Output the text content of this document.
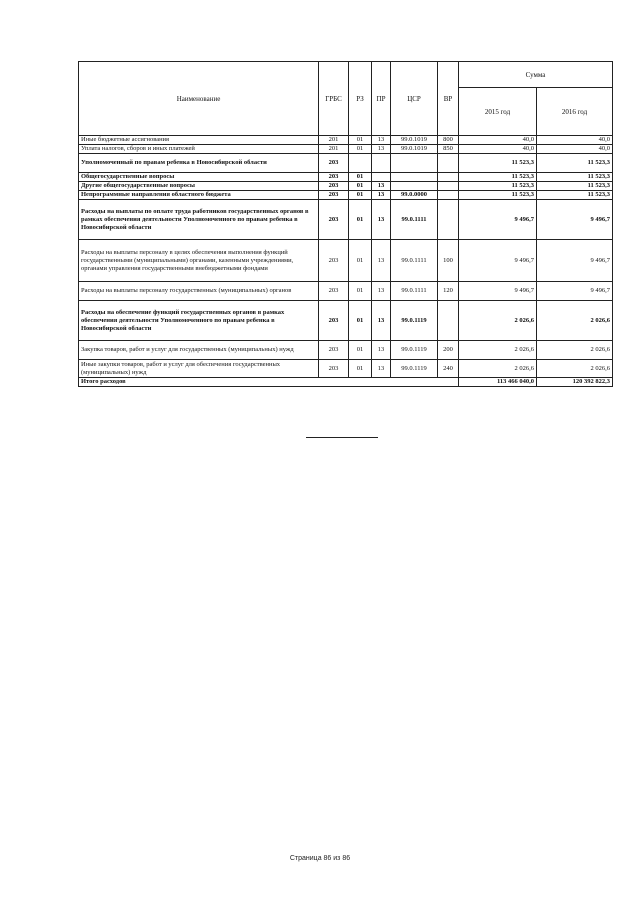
Наименование	ГРБС	РЗ	ПР	ЦСР	ВР	Сумма	
						2015 год	2016 год
Иные бюджетные ассигнования	201	01	13	99.0.1019	800	40,0	40,0
Уплата налогов, сборов и иных платежей	201	01	13	99.0.1019	850	40,0	40,0
Уполномоченный по правам ребенка в Новосибирской области	203					11 523,3	11 523,3
Общегосударственные вопросы	203	01				11 523,3	11 523,3
Другие общегосударственные вопросы	203	01	13			11 523,3	11 523,3
Непрограммные направления областного бюджета	203	01	13	99.0.0000		11 523,3	11 523,3
Расходы на выплаты по оплате труда работников государственных органов в рамках обеспечения деятельности Уполномоченного по правам ребенка в Новосибирской области	203	01	13	99.0.1111		9 496,7	9 496,7
Расходы на выплаты персоналу в целях обеспечения выполнения функций государственными (муниципальными) органами, казенными учреждениями, органами управления государственными внебюджетными фондами	203	01	13	99.0.1111	100	9 496,7	9 496,7
Расходы на выплаты персоналу государственных (муниципальных) органов	203	01	13	99.0.1111	120	9 496,7	9 496,7
Расходы на обеспечение функций государственных органов в рамках обеспечения деятельности Уполномоченного по правам ребенка в Новосибирской области	203	01	13	99.0.1119		2 026,6	2 026,6
Закупка товаров, работ и услуг для государственных (муниципальных) нужд	203	01	13	99.0.1119	200	2 026,6	2 026,6
Иные закупки товаров, работ и услуг для обеспечения государственных (муниципальных) нужд	203	01	13	99.0.1119	240	2 026,6	2 026,6
Итого расходов						113 466 040,0	120 392 822,3
Страница 86 из 86
